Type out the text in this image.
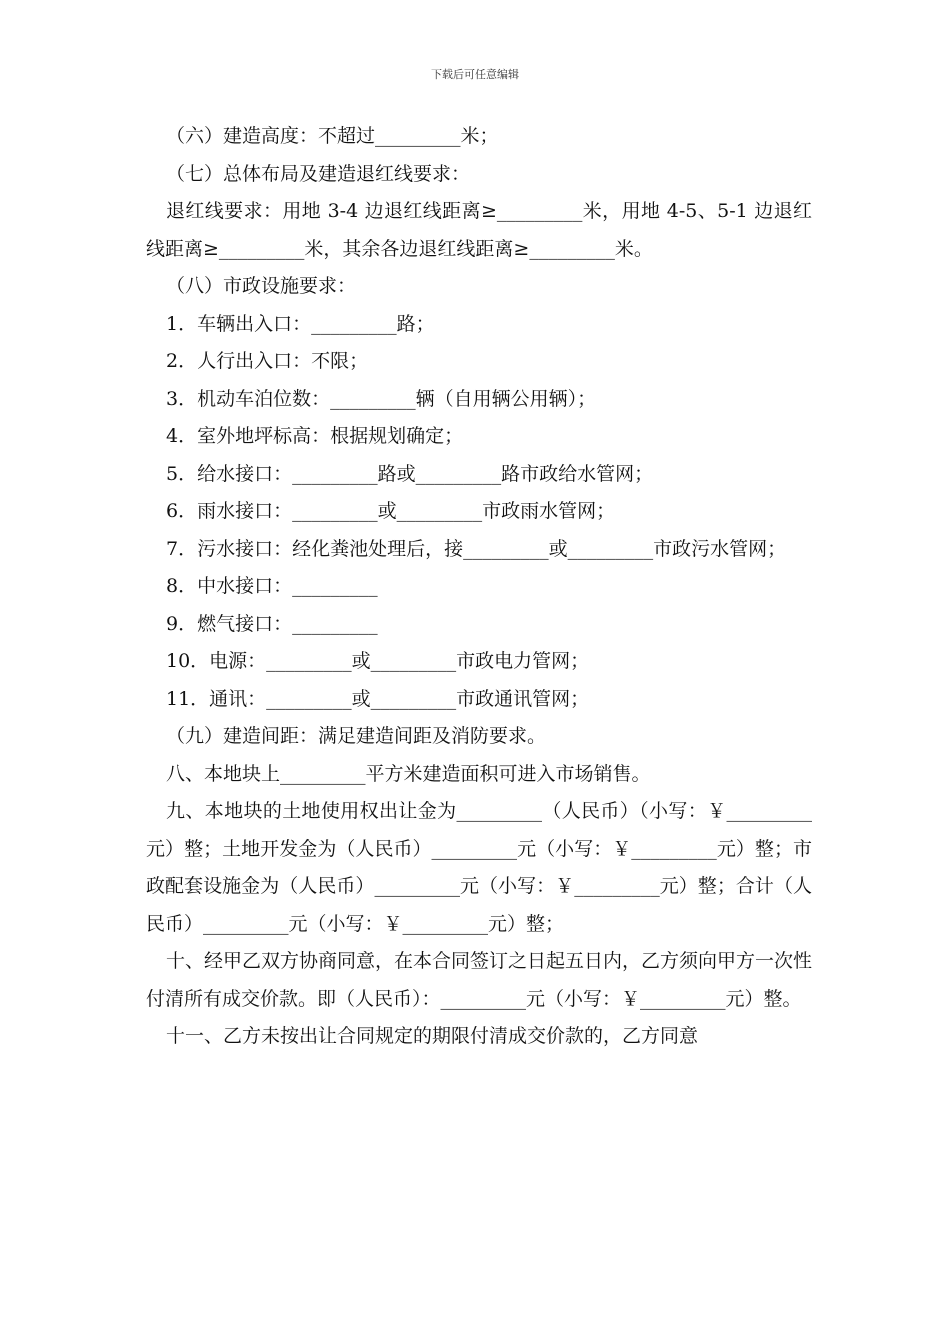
下载后可任意编辑

（六）建造高度：不超过_________米；

（七）总体布局及建造退红线要求：

退红线要求：用地 3-4 边退红线距离≥_________米，用地 4-5、5-1 边退红线距离≥_________米，其余各边退红线距离≥_________米。

（八）市政设施要求：

1．车辆出入口：_________路；

2．人行出入口：不限；

3．机动车泊位数：_________辆（自用辆公用辆）；

4．室外地坪标高：根据规划确定；

5．给水接口：_________路或_________路市政给水管网；

6．雨水接口：_________或_________市政雨水管网；

7．污水接口：经化粪池处理后，接_________或_________市政污水管网；

8．中水接口：_________

9．燃气接口：_________

10．电源：_________或_________市政电力管网；

11．通讯：_________或_________市政通讯管网；

（九）建造间距：满足建造间距及消防要求。

八、本地块上_________平方米建造面积可进入市场销售。

九、本地块的土地使用权出让金为_________（人民币）（小写：￥_________元）整；土地开发金为（人民币）_________元（小写：￥_________元）整；市政配套设施金为（人民币）_________元（小写：￥_________元）整；合计（人民币）_________元（小写：￥_________元）整；

十、经甲乙双方协商同意，在本合同签订之日起五日内，乙方须向甲方一次性付清所有成交价款。即（人民币）：_________元（小写：￥_________元）整。

十一、乙方未按出让合同规定的期限付清成交价款的，乙方同意
